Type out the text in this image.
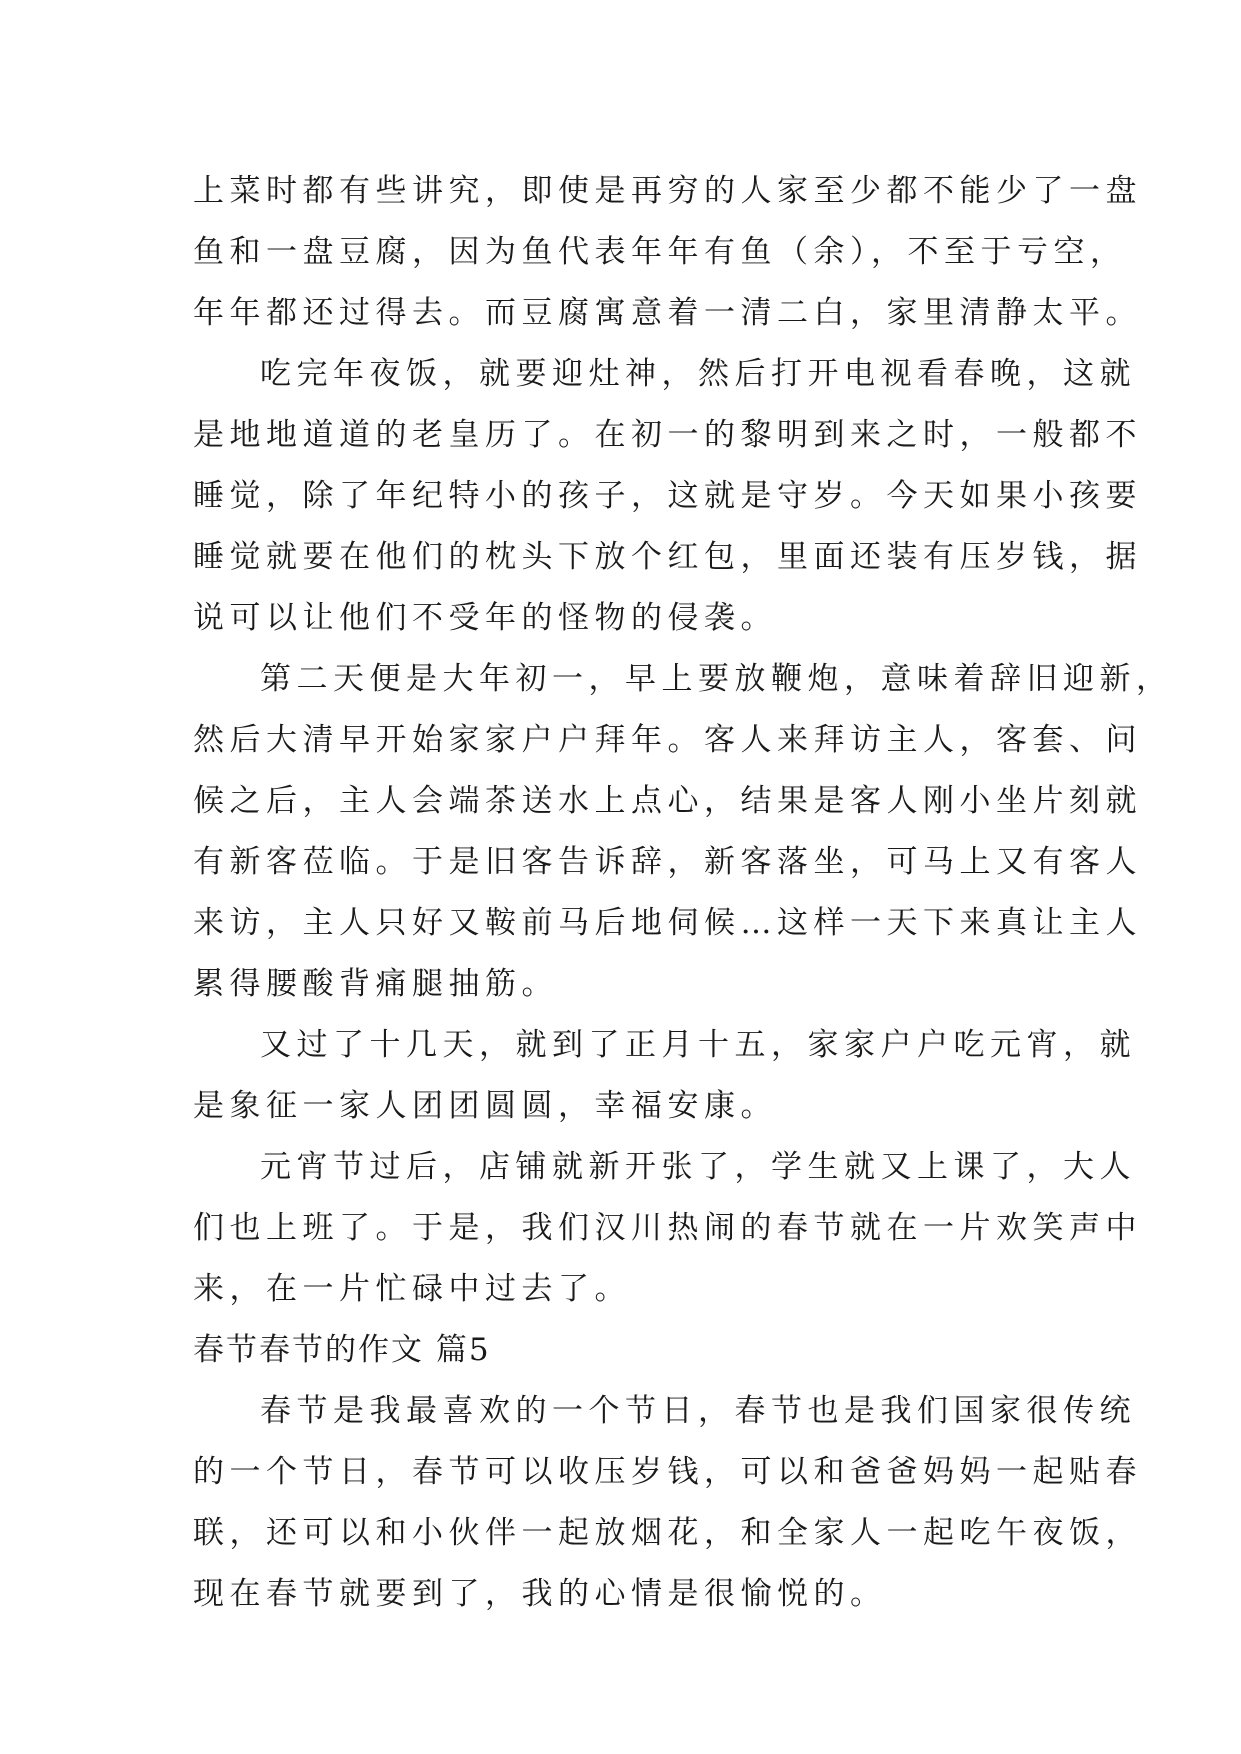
上菜时都有些讲究，即使是再穷的人家至少都不能少了一盘
鱼和一盘豆腐，因为鱼代表年年有鱼（余），不至于亏空，
年年都还过得去。而豆腐寓意着一清二白，家里清静太平。
吃完年夜饭，就要迎灶神，然后打开电视看春晚，这就
是地地道道的老皇历了。在初一的黎明到来之时，一般都不
睡觉，除了年纪特小的孩子，这就是守岁。今天如果小孩要
睡觉就要在他们的枕头下放个红包，里面还装有压岁钱，据
说可以让他们不受年的怪物的侵袭。
第二天便是大年初一，早上要放鞭炮，意味着辞旧迎新，
然后大清早开始家家户户拜年。客人来拜访主人，客套、问
候之后，主人会端茶送水上点心，结果是客人刚小坐片刻就
有新客莅临。于是旧客告诉辞，新客落坐，可马上又有客人
来访，主人只好又鞍前马后地伺候…这样一天下来真让主人
累得腰酸背痛腿抽筋。
又过了十几天，就到了正月十五，家家户户吃元宵，就
是象征一家人团团圆圆，幸福安康。
元宵节过后，店铺就新开张了，学生就又上课了，大人
们也上班了。于是，我们汉川热闹的春节就在一片欢笑声中
来，在一片忙碌中过去了。
春节春节的作文 篇5
春节是我最喜欢的一个节日，春节也是我们国家很传统
的一个节日，春节可以收压岁钱，可以和爸爸妈妈一起贴春
联，还可以和小伙伴一起放烟花，和全家人一起吃午夜饭，
现在春节就要到了，我的心情是很愉悦的。
